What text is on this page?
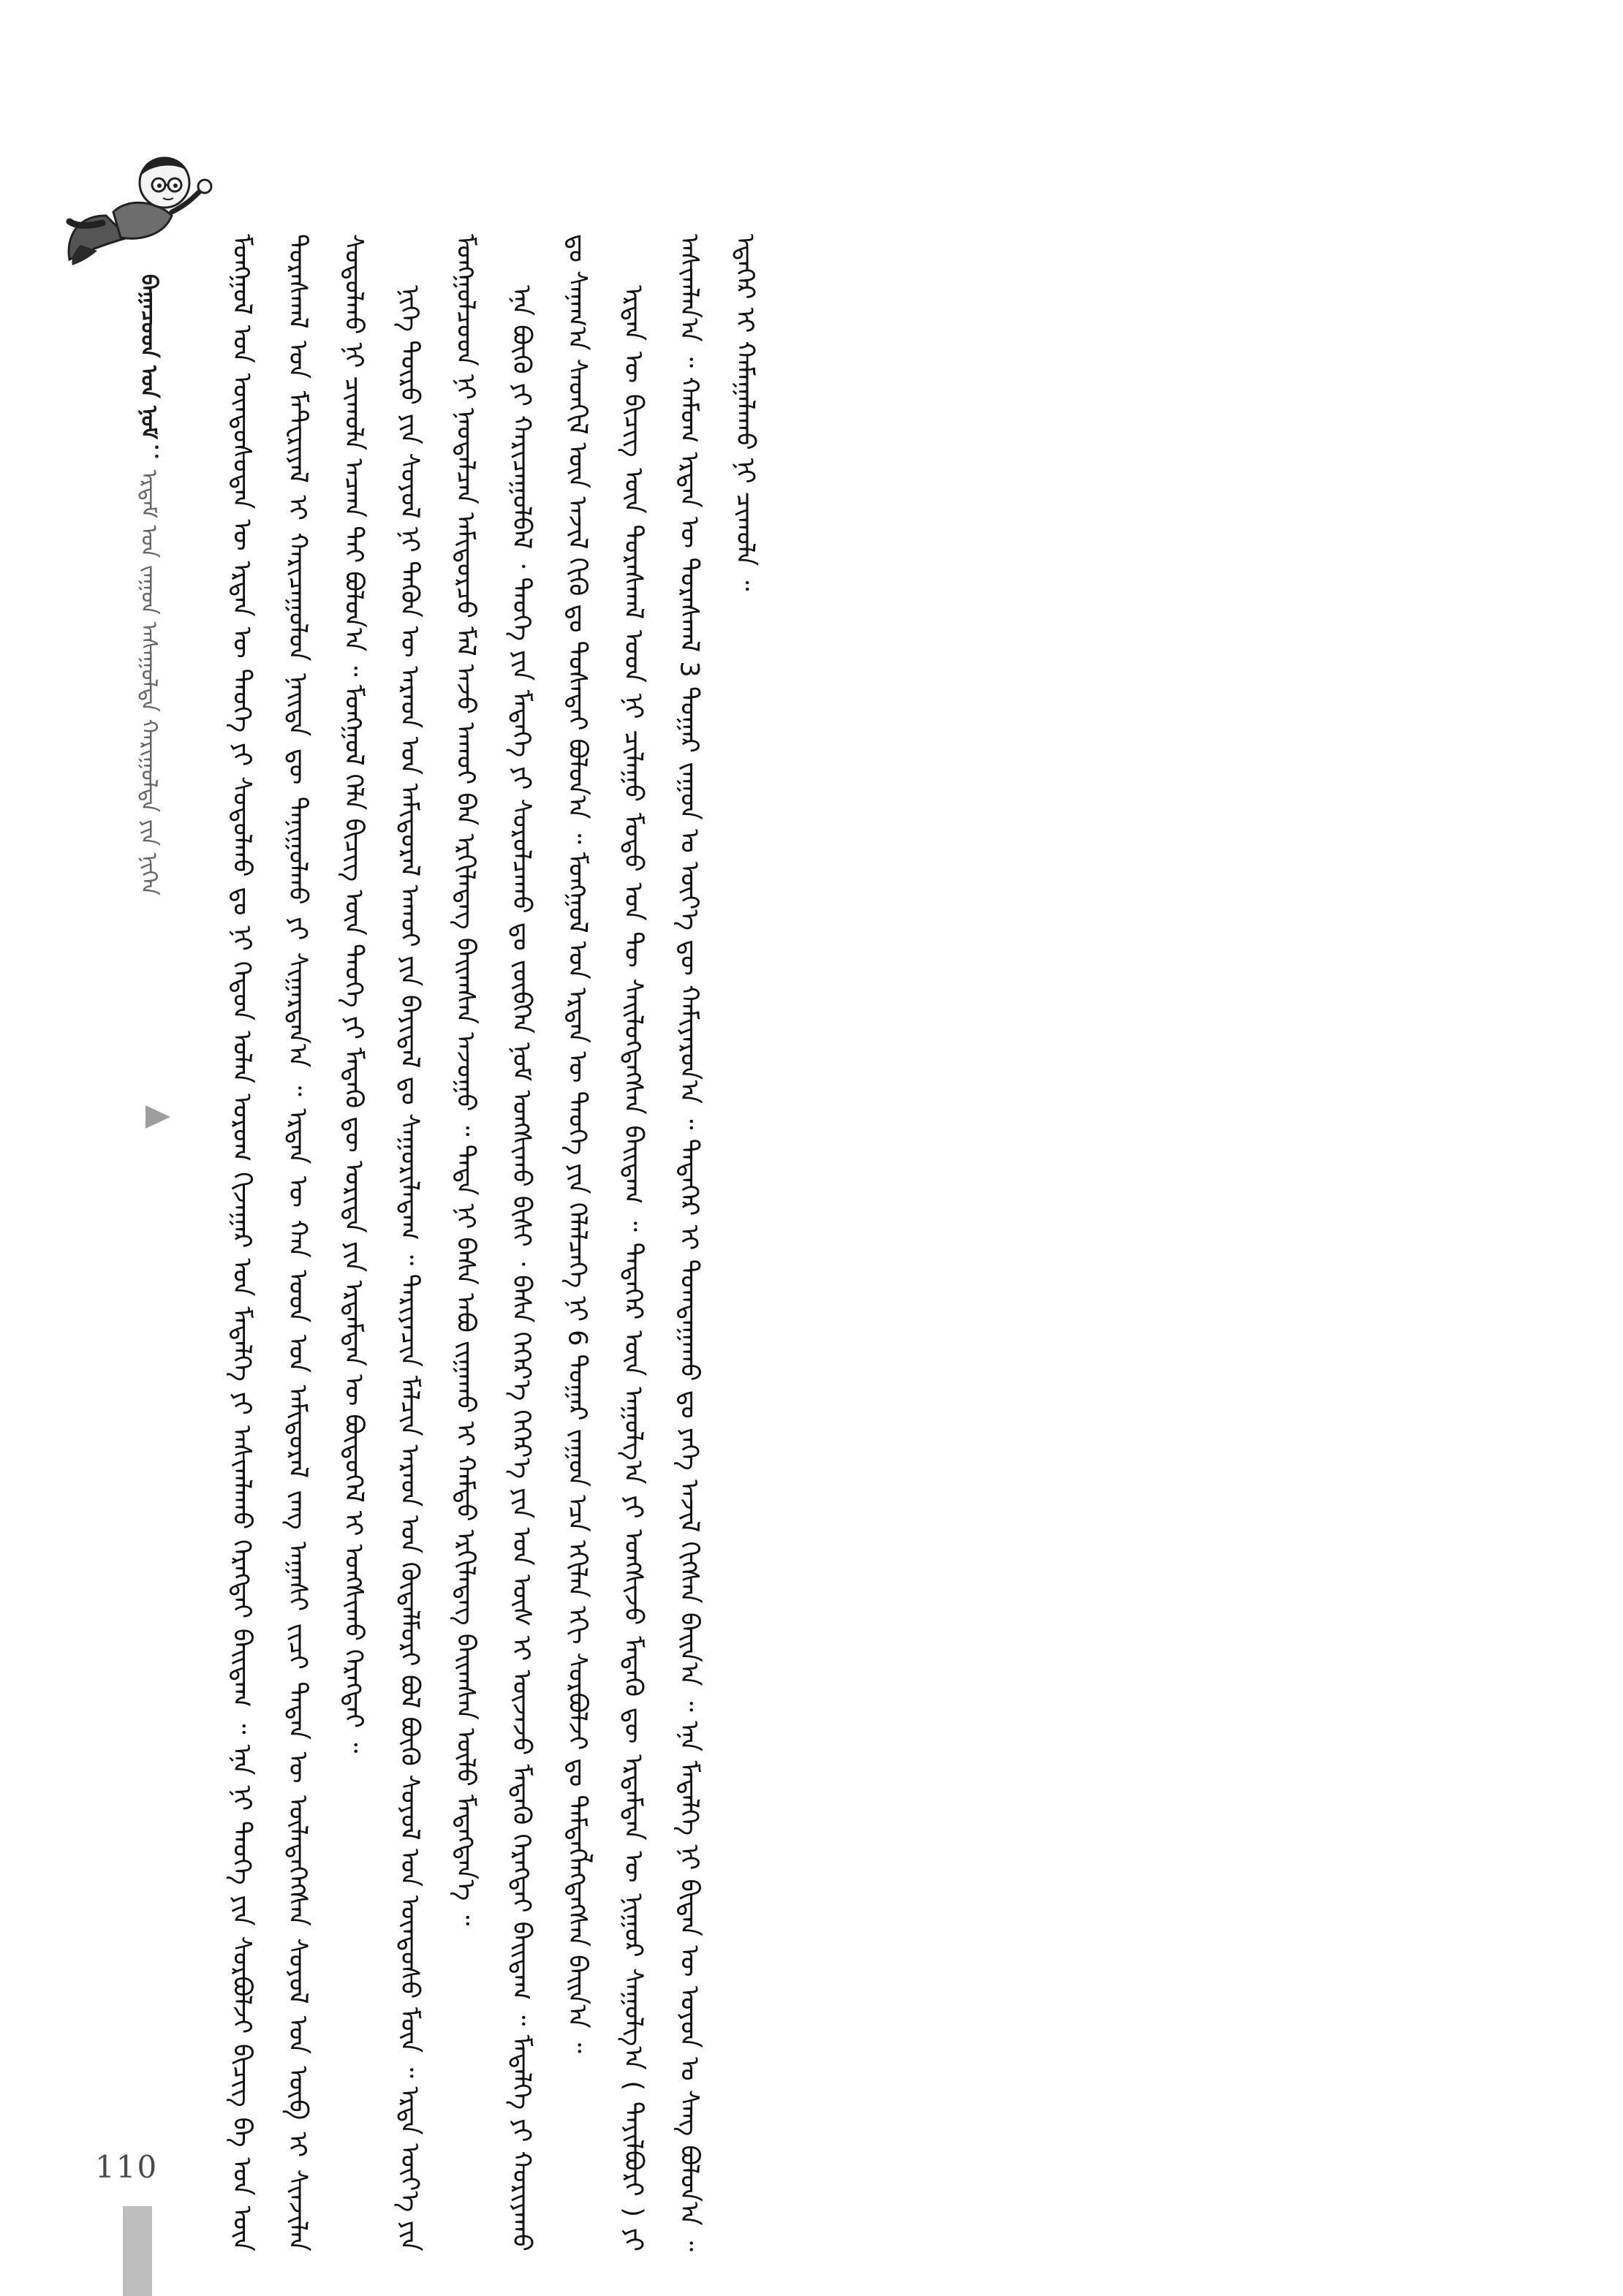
ᠪᠠᠭᠠᠴᠤᠳ ᠤᠨ ᠨᠣᠮ：ᠡᠷᠳᠡᠮ ᠤᠨ ᠵᠠᠭᠤᠨ ᠠᠰᠠᠭᠤᠯᠲᠠ ᠬᠠᠷᠢᠭᠤᠯᠲᠠ ᠶᠢᠨ ᠨᠢᠭᠡᠨ	ᠮᠣᠩᠭᠣᠯ ᠤᠨ ᠦᠨᠳᠦᠰᠦᠲᠡᠨ ᠦ ᠡᠷᠲᠡᠨ ᠦ ᠲᠡᠦᠬᠡ ᠶᠢ ᠰᠤᠳᠤᠯᠬᠤ ᠳᠤ ᠨᠢ ᠬᠡᠳᠦᠨ ᠣᠯᠠᠨ ᠤᠷᠤᠭ ᠬᠢᠵᠠᠭᠠᠷ ᠤᠨ ᠮᠡᠳᠡᠯᠭᠡ ᠶᠢ ᠠᠰᠢᠭᠯᠠᠬᠤ ᠬᠡᠷᠡᠭᠲᠡᠢ ᠪᠠᠢᠳᠠᠭ ᠃ ᠡᠨᠡ ᠨᠢ ᠲᠡᠦᠬᠡ ᠶᠢᠨ ᠰᠤᠷᠪᠤᠯᠵᠢ ᠪᠢᠴᠢᠭ ᠪᠠ ᠡᠳ ᠦᠨ ᠳᠤᠷᠠᠰᠬᠠᠯ ᠤᠨ ᠮᠠᠲᠧᠷᠢᠶᠠᠯ ᠢ ᠬᠠᠷᠢᠴᠠᠭᠤᠯᠤᠨ ᠨᠡᠢᠲᠡ ᠳᠦ ᠲᠠᠨᠢᠭᠤᠯᠬᠤ ᠶᠢ ᠰᠢᠭᠠᠷᠳᠠᠨ᠎ᠠ ᠃ ᠡᠷᠲᠡᠨ ᠦ ᠬᠠᠨ ᠤᠳ ᠤᠨ ᠠᠮᠢᠳᠤᠷᠠᠯ ᠵᠠᠩ ᠠᠭᠠᠰᠢ ᠵᠢᠴᠢ ᠲᠡᠳᠡᠨ ᠦ ᠦᠯᠡᠳᠡᠭᠡᠭᠰᠡᠨ ᠰᠣᠶᠣᠯ ᠤᠨ ᠥᠪ ᠢ ᠰᠢᠨᠵᠢᠯᠡᠨ ᠰᠤᠳᠤᠯᠬᠤ ᠨᠢ ᠴᠢᠬᠤᠯᠠ ᠠᠴᠬᠠ ᠲᠠᠢ ᠪᠣᠯᠤᠨ᠎ᠠ ᠃ ᠮᠣᠩᠭᠣᠯ ᠬᠡᠯᠡ ᠪᠢᠴᠢᠭ ᠦᠨ ᠲᠡᠦᠬᠡ ᠶᠢ ᠮᠡᠳᠡᠬᠦ ᠳᠦ ᠤᠷᠢᠳᠠ ᠶᠢᠨ ᠡᠷᠳᠡᠮᠲᠡᠨ ᠦ ᠪᠦᠲᠦᠭᠡᠯ ᠢ ᠤᠩᠰᠢᠬᠤ ᠬᠡᠷᠡᠭᠲᠡᠢ ᠃	ᠨᠢᠭᠡ ᠲᠦᠷᠦ ᠶᠢᠨ ᠰᠣᠶᠣᠯ ᠨᠢ ᠲᠡᠭᠦᠨ ᠦ ᠠᠷᠠᠳ ᠤᠨ ᠠᠮᠢᠳᠤᠷᠠᠯ ᠠᠬᠤᠢ ᠶᠢᠨ ᠪᠠᠶᠢᠳᠠᠯ ᠳᠤ ᠰᠠᠭᠤᠷᠢᠯᠠᠳᠠᠭ ᠃ ᠲᠠᠷᠢᠶᠠᠴᠢᠨ ᠮᠠᠯᠴᠢᠨ ᠠᠷᠠᠳ ᠤᠨ ᠬᠥᠳᠡᠯᠮᠦᠷᠢ ᠪᠣᠯ ᠪᠦᠬᠦ ᠰᠣᠶᠣᠯ ᠤᠨ ᠦᠨᠳᠦᠰᠦ ᠮᠥᠨ ᠃ ᠡᠷᠲᠡ ᠦᠶ᠎ᠡ ᠶᠢᠨ ᠮᠣᠩᠭᠣᠯᠴᠤᠳ ᠨᠢ ᠨᠡᠦᠳᠡᠯᠴᠡᠨ ᠠᠮᠢᠳᠤᠷᠴᠤ ᠮᠠᠯ ᠠᠵᠤ ᠠᠬᠤᠢ ᠪᠠᠨ ᠡᠷᠬᠢᠯᠡᠳᠡᠭ ᠪᠠᠢᠭᠰᠠᠨ ᠠᠵᠤᠭᠤ ᠃ ᠲᠡᠳᠡ ᠨᠢ ᠪᠠᠰᠠ ᠠᠪᠤ ᠵᠢᠭᠠᠬᠤ ᠢ ᠬᠠᠮᠲᠤ ᠡᠷᠬᠢᠯᠡᠳᠡᠭ ᠪᠠᠢᠭᠰᠠᠨ ᠦᠯᠦ ᠮᠡᠳᠡᠭᠳᠡᠨ᠎ᠡ ᠃	ᠡᠨᠡ ᠪᠦᠬᠦ ᠶᠢ ᠬᠠᠷᠢᠴᠠᠭᠤᠯᠪᠠᠯ ᠂ ᠲᠡᠦᠬᠡ ᠶᠢᠨ ᠮᠡᠳᠡᠭᠡ ᠶᠢ ᠰᠤᠷᠤᠯᠴᠠᠬᠤ ᠳᠤ ᠵᠥᠪᠬᠡᠨ ᠨᠣᠮ ᠤᠩᠰᠢᠬᠤ ᠪᠢᠰᠢ ᠂ ᠪᠠᠰᠠ ᠬᠡᠭᠡᠷ᠎ᠡ ᠬᠡᠭᠡᠷ᠎ᠡ ᠶᠢᠨ ᠡᠳ ᠦᠰ ᠢ ᠦᠵᠡᠵᠦ ᠮᠡᠳᠡᠬᠦ ᠬᠡᠷᠡᠭᠲᠡᠢ ᠪᠠᠢᠳᠠᠭ ᠃ ᠮᠡᠳᠡᠯᠭᠡ ᠶᠢ ᠬᠤᠷᠢᠶᠠᠬᠤ ᠳᠤ ᠰᠠᠨᠠᠭ᠎ᠠ ᠰᠡᠳᠬᠢᠯ ᠦᠨ ᠠᠵᠢᠯ ᠬᠢᠬᠦ ᠳᠤ ᠲᠤᠰᠠᠲᠠᠢ ᠪᠣᠯᠤᠨ᠎ᠠ ᠃ ᠮᠣᠩᠭᠣᠯ ᠤᠨ ᠡᠷᠲᠡᠨ ᠦ ᠲᠡᠦᠬᠡ ᠶᠢᠨ ᠬᠡᠯᠡᠯᠴᠡᠭᠡ ᠨᠢ 6 ᠳᠤᠭᠠᠷ ᠵᠠᠭᠤᠨ ᠡᠴᠡ ᠡᠬᠢᠯᠡᠨ ᠡᠬᠢ ᠰᠤᠷᠪᠤᠯᠵᠢ ᠳᠤ ᠲᠡᠮᠳᠡᠭᠯᠡᠭᠳᠡᠭᠰᠡᠨ ᠪᠠᠢᠨ᠎ᠠ ᠃	ᠡᠷᠲᠡᠨ ᠦ ᠪᠢᠴᠢᠭ ᠦᠨ ᠳᠤᠷᠠᠰᠬᠠᠯ ᠤᠳ ᠨᠢ ᠴᠢᠯᠠᠭᠤ ᠮᠣᠳᠤ ᠡᠳ ᠲᠦ ᠰᠡᠢᠯᠦᠭᠳᠡᠭᠰᠡᠨ ᠪᠠᠢᠳᠠᠭ ᠃ ᠲᠡᠳᠡᠭᠡᠷ ᠦᠨ ᠠᠭᠤᠯᠭ᠎ᠠ ᠶᠢ ᠤᠩᠰᠢᠵᠤ ᠮᠡᠳᠡᠬᠦ ᠳᠦ ᠡᠷᠳᠡᠮᠲᠡᠨ ᠦ ᠨᠢᠭᠤᠷ ᠰᠠᠭᠤᠯᠭ᠎ᠠ ( ᠲᠠᠶᠢᠯᠪᠤᠷᠢ ) ᠶᠢ ᠠᠰᠢᠭᠯᠠᠨ᠎ᠠ ᠃ ᠬᠠᠮᠤᠭ ᠡᠷᠲᠡᠨ ᠦ ᠳᠤᠷᠠᠰᠬᠠᠯ 3 ᠳᠤᠭᠠᠷ ᠵᠠᠭᠤᠨ ᠤ ᠦᠶ᠎ᠡ ᠳᠦ ᠬᠠᠮᠢᠶᠠᠷᠤᠨ᠎ᠠ ᠃ ᠲᠡᠳᠡᠭᠡᠷ ᠢ ᠲᠣᠭᠲᠠᠭᠠᠬᠤ ᠳᠤ ᠶᠡᠬᠡ ᠠᠵᠢᠯ ᠬᠢᠭᠰᠡᠨ ᠪᠠᠢᠨ᠎ᠠ ᠃ ᠡᠨᠡ ᠮᠡᠳᠡᠯᠭᠡ ᠨᠢ ᠪᠢᠳᠡᠨ ᠦ ᠣᠶᠤᠨ ᠤ ᠰᠠᠩ ᠪᠣᠯᠤᠨ᠎ᠠ ᠃ ᠡᠳᠡᠭᠡᠷ ᠢ ᠬᠠᠮᠠᠭᠠᠯᠠᠬᠤ ᠨᠢ ᠴᠢᠬᠤᠯᠠ ᠃

110
